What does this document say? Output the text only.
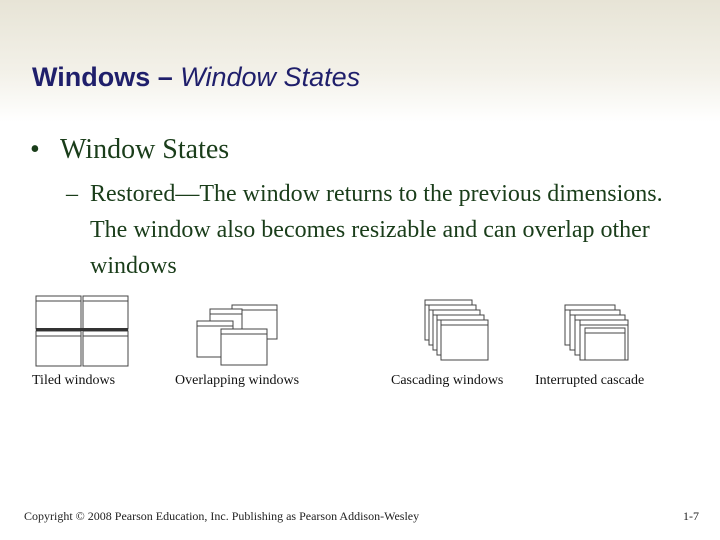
Windows – Window States
• Window States
– Restored—The window returns to the previous dimensions. The window also becomes resizable and can overlap other windows
Tiled windows	Overlapping windows	Cascading windows Interrupted cascade
Copyright © 2008 Pearson Education, Inc. Publishing as Pearson Addison-Wesley	1-7
